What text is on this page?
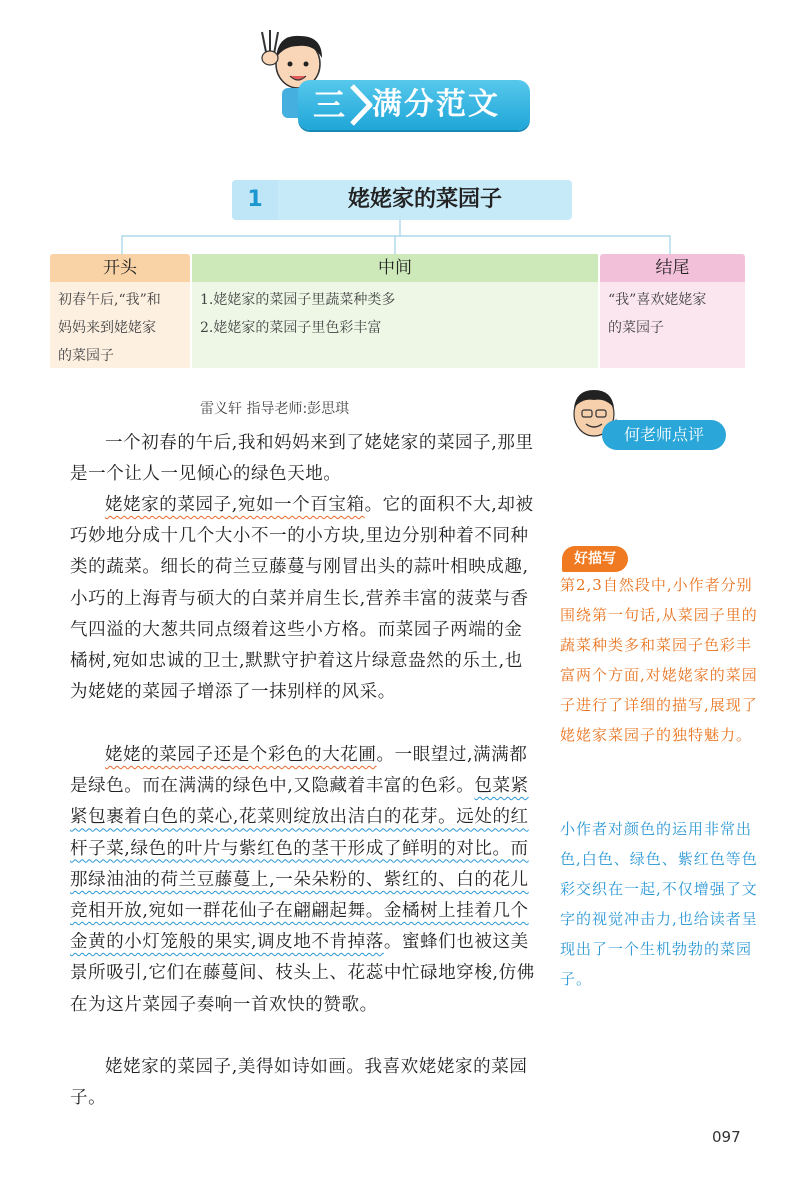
三 满分范文
1	姥姥家的菜园子
开头
初春午后,“我”和
妈妈来到姥姥家
的菜园子
中间
1.姥姥家的菜园子里蔬菜种类多
2.姥姥家的菜园子里色彩丰富
结尾
“我”喜欢姥姥家
的菜园子
雷义轩 指导老师:彭思琪

一个初春的午后,我和妈妈来到了姥姥家的菜园子,那里是一个让人一见倾心的绿色天地。

姥姥家的菜园子,宛如一个百宝箱。它的面积不大,却被巧妙地分成十几个大小不一的小方块,里边分别种着不同种类的蔬菜。细长的荷兰豆藤蔓与刚冒出头的蒜叶相映成趣,小巧的上海青与硕大的白菜并肩生长,营养丰富的菠菜与香气四溢的大葱共同点缀着这些小方格。而菜园子两端的金橘树,宛如忠诚的卫士,默默守护着这片绿意盎然的乐土,也为姥姥的菜园子增添了一抹别样的风采。

姥姥的菜园子还是个彩色的大花圃。一眼望过,满满都是绿色。而在满满的绿色中,又隐藏着丰富的色彩。包菜紧紧包裹着白色的菜心,花菜则绽放出洁白的花芽。远处的红杆子菜,绿色的叶片与紫红色的茎干形成了鲜明的对比。而那绿油油的荷兰豆藤蔓上,一朵朵粉的、紫红的、白的花儿竞相开放,宛如一群花仙子在翩翩起舞。金橘树上挂着几个金黄的小灯笼般的果实,调皮地不肯掉落。蜜蜂们也被这美景所吸引,它们在藤蔓间、枝头上、花蕊中忙碌地穿梭,仿佛在为这片菜园子奏响一首欢快的赞歌。

姥姥家的菜园子,美得如诗如画。我喜欢姥姥家的菜园子。

何老师点评
好描写

第2,3自然段中,小作者分别围绕第一句话,从菜园子里的蔬菜种类多和菜园子色彩丰富两个方面,对姥姥家的菜园子进行了详细的描写,展现了姥姥家菜园子的独特魅力。

小作者对颜色的运用非常出色,白色、绿色、紫红色等色彩交织在一起,不仅增强了文字的视觉冲击力,也给读者呈现出了一个生机勃勃的菜园子。

097
